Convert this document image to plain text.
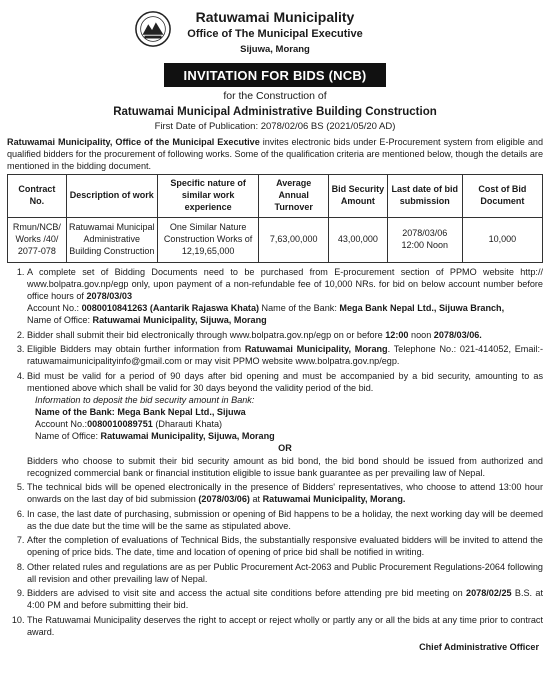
Ratuwamai Municipality
Office of The Municipal Executive
Sijuwa, Morang
INVITATION FOR BIDS (NCB)
for the Construction of
Ratuwamai Municipal Administrative Building Construction
First Date of Publication: 2078/02/06 BS (2021/05/20 AD)
Ratuwamai Municipality, Office of the Municipal Executive invites electronic bids under E-Procurement system from eligible and qualified bidders for the procurement of following works. Some of the qualification criteria are mentioned below, though the details are mentioned in the bidding document.
Contract No.	Description of work	Specific nature of similar work experience	Average Annual Turnover	Bid Security Amount	Last date of bid submission	Cost of Bid Document
Rmun/NCB/ Works /40/ 2077-078	Ratuwamai Municipal Administrative Building Construction	One Similar Nature Construction Works of 12,19,65,000	7,63,00,000	43,00,000	2078/03/06 12:00 Noon	10,000
1. A complete set of Bidding Documents need to be purchased from E-procurement section of PPMO website http:// www.bolpatra.gov.np/egp only, upon payment of a non-refundable fee of 10,000 NRs. for bid on below account number before office hours of 2078/03/03
Account No.: 0080010841263 (Aantarik Rajaswa Khata) Name of the Bank: Mega Bank Nepal Ltd., Sijuwa Branch,
Name of Office: Ratuwamai Municipality, Sijuwa, Morang
2. Bidder shall submit their bid electronically through www.bolpatra.gov.np/egp on or before 12:00 noon 2078/03/06.
3. Eligible Bidders may obtain further information from Ratuwamai Municipality, Morang. Telephone No.: 021-414052, Email:- ratuwamaimunicipalityinfo@gmail.com or may visit PPMO website www.bolpatra.gov.np/egp.
4. Bid must be valid for a period of 90 days after bid opening and must be accompanied by a bid security, amounting to as mentioned above which shall be valid for 30 days beyond the validity period of the bid.
Information to deposit the bid security amount in Bank:
Name of the Bank: Mega Bank Nepal Ltd., Sijuwa
Account No.:0080010089751 (Dharauti Khata)
Name of Office: Ratuwamai Municipality, Sijuwa, Morang
OR
Bidders who choose to submit their bid security amount as bid bond, the bid bond should be issued from authorized and recognized commercial bank or financial institution eligible to issue bank guarantee as per prevailing law of Nepal.
5. The technical bids will be opened electronically in the presence of Bidders' representatives, who choose to attend 13:00 hour onwards on the last day of bid submission (2078/03/06) at Ratuwamai Municipality, Morang.
6. In case, the last date of purchasing, submission or opening of Bid happens to be a holiday, the next working day will be deemed as the due date but the time will be the same as stipulated above.
7. After the completion of evaluations of Technical Bids, the substantially responsive evaluated bidders will be invited to attend the opening of price bids. The date, time and location of opening of price bid shall be notified in writing.
8. Other related rules and regulations are as per Public Procurement Act-2063 and Public Procurement Regulations-2064 following all revision and other prevailing law of Nepal.
9. Bidders are advised to visit site and access the actual site conditions before attending pre bid meeting on 2078/02/25 B.S. at 4:00 PM and before submitting their bid.
10. The Ratuwamai Municipality deserves the right to accept or reject wholly or partly any or all the bids at any time prior to contract award.
Chief Administrative Officer
